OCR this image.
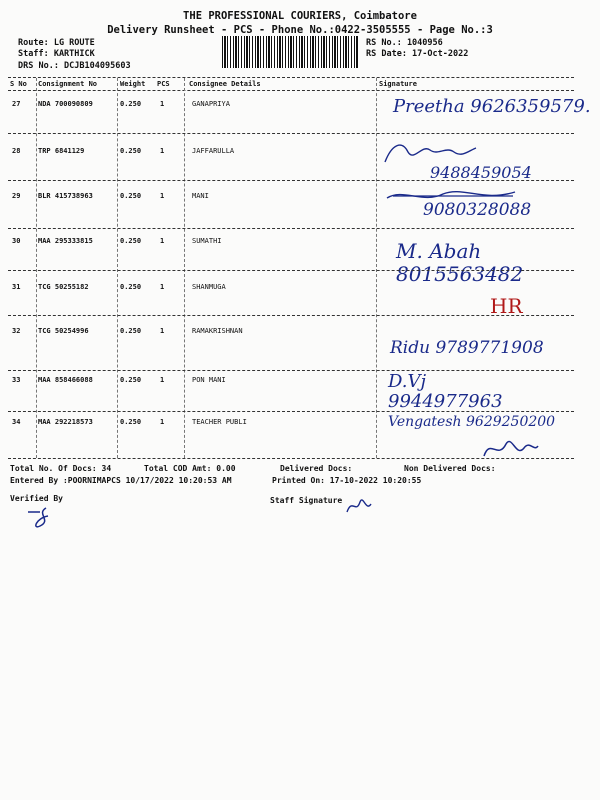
THE PROFESSIONAL COURIERS, Coimbatore
Delivery Runsheet - PCS - Phone No.:0422-3505555 - Page No.:3
Route: LG ROUTE
Staff: KARTHICK
DRS No.: DCJB104095603
RS No.: 1040956
RS Date: 17-Oct-2022
S No Consignment No	Weight PCS	Consignee Details	Signature
27	NDA 700090809	0.250	1	GANAPRIYA	Preetha 9626359579.
28	TRP 6841129	0.250	1	JAFFARULLA
9488459054
29	BLR 415738963	0.250	1	MANI
9080328088
30	MAA 295333815	0.250	1	SUMATHI	M. Abah 8015563482
31	TCG 50255182	0.250	1	SHANMUGA
HR
32	TCG 50254996	0.250	1	RAMAKRISHNAN
Ridu 9789771908
33	MAA 858466088	0.250	1	PON MANI	D.Vj 9944977963
34	MAA 292218573	0.250	1	TEACHER PUBLI	Vengatesh 9629250200
Total No. Of Docs: 34	Total COD Amt: 0.00	Delivered Docs:	Non Delivered Docs:
Entered By :POORNIMAPCS 10/17/2022 10:20:53 AM	Printed On: 17-10-2022 10:20:55
Verified By	Staff Signature
